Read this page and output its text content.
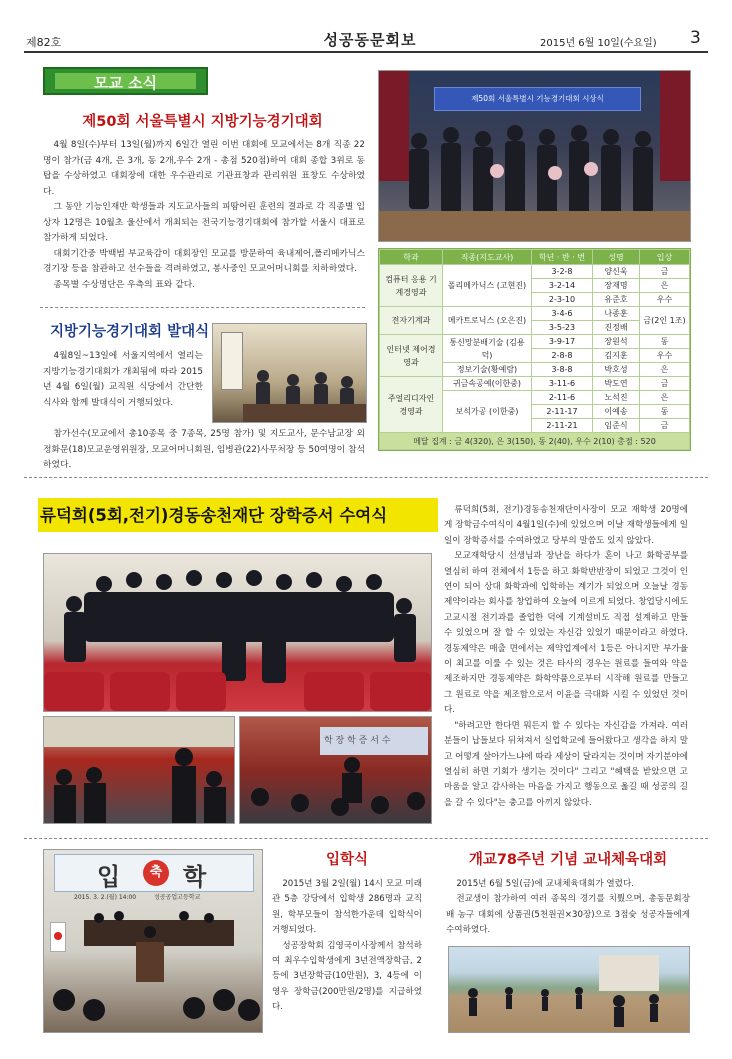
제82호	성공동문회보	2015년 6월 10일(수요일) 3
모교 소식
제50회 서울특별시 지방기능경기대회

4월 8일(수)부터 13일(월)까지 6일간 열린 이번 대회에 모교에서는 8개 직종 22명이 참가(금 4개, 은 3개, 동 2개,우수 2개 - 총점 520점)하여 대회 종합 3위로 동탑을 수상하였고 대회장에 대한 우수관리로 기관표창과 관리위원 표창도 수상하였다.

그 동안 기능인재반 학생들과 지도교사들의 피땀어린 훈련의 결과로 각 직종별 입상자 12명은 10월초 울산에서 개최되는 전국기능경기대회에 참가할 서울시 대표로 참가하게 되었다.

대회기간중 박백범 부교육감이 대회장인 모교를 방문하여 육내제어,폴리메카닉스 경기장 등을 참관하고 선수들을 격려하였고, 봉사중인 모교어머니회를 치하하였다.

종목별 수상명단은 우측의 표와 같다.

제50회 서울특별시 기능경기대회 시상식
학과	직종(지도교사)	학년 · 반 · 번	성명	입상
컴퓨터 응용 기계경영과	폴리메카닉스 (고현진)	3-2-8	양신욱	금
		3-2-14	장재명	은
		2-3-10	유준호	우수
전자기계과	메카트로닉스 (오은진)	3-4-6	나종훈	금(2인 1조)
		3-5-23	진정배	
인터넷 제어경영과	통신망분배기술 (김용덕)	3-9-17	장원석	동
		2-8-8	김지훈	우수
	정보기술(황예람)	3-8-8	박호성	은
주얼리디자인 경영과	귀금속공예(이한중)	3-11-6	박도연	금
	보석가공 (이한중)	2-11-6	노석진	은
		2-11-17	이예송	동
		2-11-21	임준식	금
메달 집계 : 금 4(320), 은 3(150), 동 2(40), 우수 2(10) 총점 : 520				
지방기능경기대회 발대식

4월8일~13일에 서울지역에서 열리는 지방기능경기대회가 개최됨에 따라 2015년 4월 6일(월) 교직원 식당에서 간단한 식사와 함께 발대식이 거행되었다.

참가선수(모교에서 총10종목 중 7종목, 25명 참가) 및 지도교사, 문수남교장 외 정화문(18)모교운영위원장, 모교어머니회원, 임병관(22)사무처장 등 50여명이 참석하였다.

류덕희(5회,전기)경동송천재단 장학증서 수여식
학 장 학 증 서 수

류덕희(5회, 전기)경동송천재단이사장이 모교 재학생 20명에게 장학금수여식이 4월1일(수)에 있었으며 이날 재학생들에게 일일이 장학증서를 수여하였고 당부의 말씀도 있지 않았다.

모교재학당시 선생님과 장난을 하다가 혼이 나고 화학공부를 열심히 하여 전체에서 1등을 하고 화학반반장이 되었고 그것이 인연이 되어 상대 화학과에 입학하는 계기가 되었으며 오늘날 경동제약이라는 회사를 창업하여 오늘에 이르게 되었다. 창업당시에도 고교시절 전기과를 졸업한 덕에 기계설비도 직접 설계하고 만들 수 있었으며 잘 할 수 있었는 자신감 있었기 때문이라고 하였다. 경동제약은 매출 면에서는 제약업계에서 1등은 아니지만 부가율이 최고를 이룰 수 있는 것은 타사의 경우는 원료를 들여와 약을 제조하지만 경동제약은 화학약품으로부터 시작해 원료를 만들고 그 원료로 약을 제조함으로서 이윤을 극대화 시킬 수 있었던 것이다.

"하려고만 한다면 뭐든지 할 수 있다는 자신감을 가져라. 여러분들이 납들보다 뒤쳐져서 실업학교에 들어왔다고 생각을 하지 말고 어떻게 살아가느냐에 따라 세상이 달라지는 것이며 자기분야에 열심히 하면 기회가 생기는 것이다" 그리고 "혜택을 받았으면 고마움을 알고 감사하는 마음을 가지고 행동으로 옮길 때 성공의 길을 갈 수 있다"는 충고를 아끼지 않았다.

입	축 학
2015. 3. 2.(월) 14:00	성공공업고등학교
입학식

2015년 3월 2일(월) 14시 모교 미래관 5층 강당에서 입학생 286명과 교직원, 학부모들이 참석한가운데 입학식이 거행되었다.

성공장학회 김영국이사장께서 참석하여 최우수입학생에게 3년전액장학금, 2등에 3년장학금(10만원), 3, 4등에 이영우 장학금(200만원/2명)를 지급하였다.

개교78주년 기념 교내체육대회

2015년 6월 5일(금)에 교내체육대회가 열렸다.

전교생이 참가하여 여러 종목의 경기를 치뤘으며, 총동문회장배 농구 대회에 상품권(5천원권×30장)으로 3점슛 성공자들에게 수여하였다.
